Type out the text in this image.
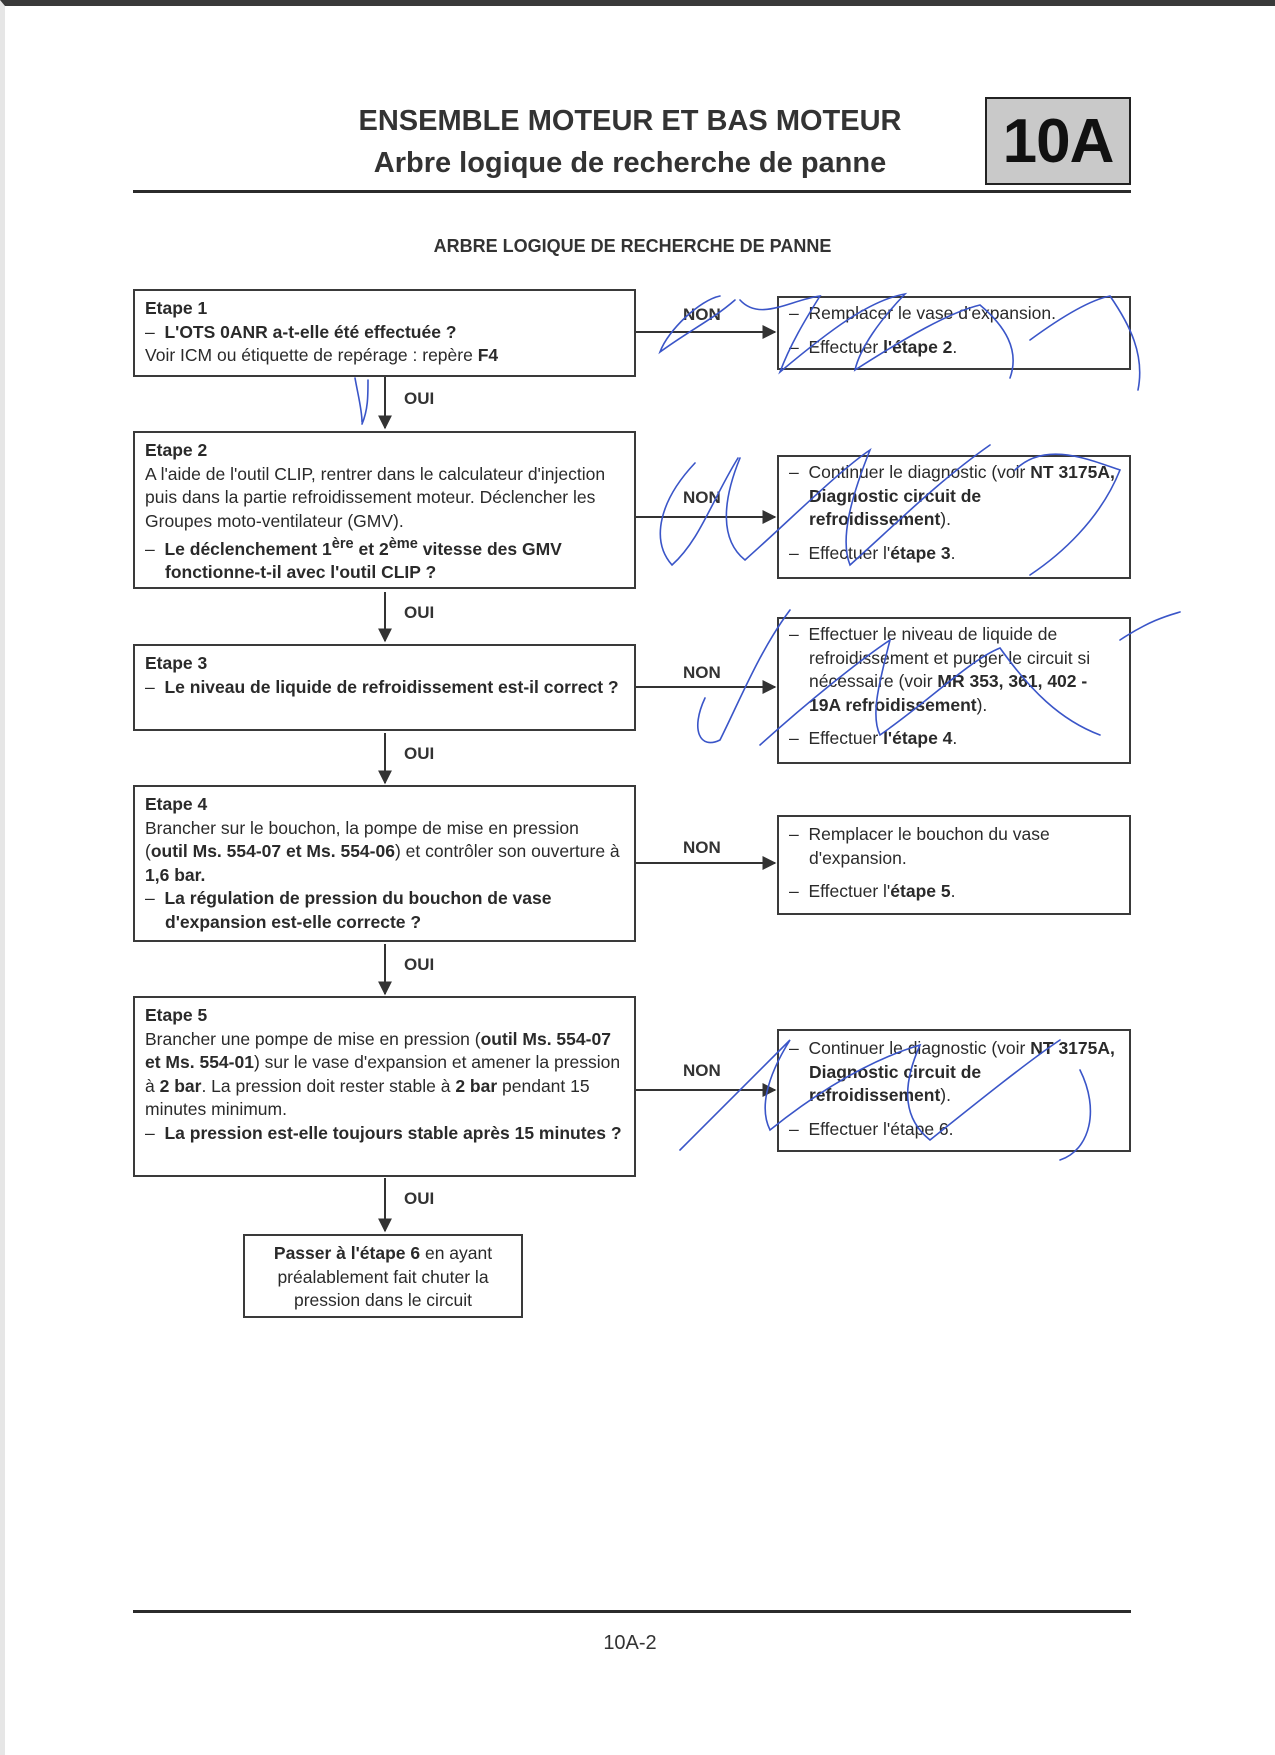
ENSEMBLE MOTEUR ET BAS MOTEUR
Arbre logique de recherche de panne	10A
ARBRE LOGIQUE DE RECHERCHE DE PANNE
OUI
OUI
OUI
OUI
OUI
NON
NON
NON
NON
NON

Etape 1

– L'OTS 0ANR a-t-elle été effectuée ?

Voir ICM ou étiquette de repérage : repère F4

–  Remplacer le vase d'expansion.

–  Effectuer l'étape 2.

Etape 2

A l'aide de l'outil CLIP, rentrer dans le calculateur d'injection puis dans la partie refroidissement moteur. Déclencher les Groupes moto-ventilateur (GMV).

–  Le déclenchement 1ère et 2ème vitesse des GMV fonctionne-t-il avec l'outil CLIP ?

–  Continuer le diagnostic (voir NT 3175A, Diagnostic circuit de refroidissement).

–  Effectuer l'étape 3.

Etape 3

–  Le niveau de liquide de refroidissement est-il correct ?

–  Effectuer le niveau de liquide de refroidissement et purger le circuit si nécessaire (voir MR 353, 361, 402 - 19A refroidissement).

–  Effectuer l'étape 4.

Etape 4

Brancher sur le bouchon, la pompe de mise en pression (outil Ms. 554-07 et Ms. 554-06) et contrôler son ouverture à 1,6 bar.

–  La régulation de pression du bouchon de vase d'expansion est-elle correcte ?

–  Remplacer le bouchon du vase d'expansion.

–  Effectuer l'étape 5.

Etape 5

Brancher une pompe de mise en pression (outil Ms. 554-07 et Ms. 554-01) sur le vase d'expansion et amener la pression à 2 bar. La pression doit rester stable à 2 bar pendant 15 minutes minimum.

–  La pression est-elle toujours stable après 15 minutes ?

–  Continuer le diagnostic (voir NT 3175A, Diagnostic circuit de refroidissement).

–  Effectuer l'étape 6.

Passer à l'étape 6 en ayant préalablement fait chuter la pression dans le circuit
10A-2
